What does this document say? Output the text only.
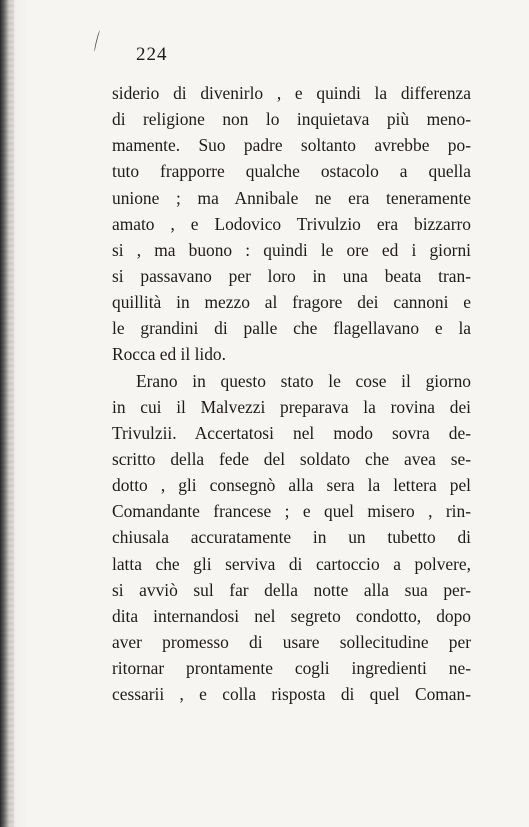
224
siderio di divenirlo , e quindi la differenza
di religione non lo inquietava più meno-
mamente. Suo padre soltanto avrebbe po-
tuto frapporre qualche ostacolo a quella
unione ; ma Annibale ne era teneramente
amato , e Lodovico Trivulzio era bizzarro
si , ma buono : quindi le ore ed i giorni
si passavano per loro in una beata tran-
quillità in mezzo al fragore dei cannoni e
le grandini di palle che flagellavano e la
Rocca ed il lido.
Erano in questo stato le cose il giorno
in cui il Malvezzi preparava la rovina dei
Trivulzii. Accertatosi nel modo sovra de-
scritto della fede del soldato che avea se-
dotto , gli consegnò alla sera la lettera pel
Comandante francese ; e quel misero , rin-
chiusala accuratamente in un tubetto di
latta che gli serviva di cartoccio a polvere,
si avviò sul far della notte alla sua per-
dita internandosi nel segreto condotto, dopo
aver promesso di usare sollecitudine per
ritornar prontamente cogli ingredienti ne-
cessarii , e colla risposta di quel Coman-
